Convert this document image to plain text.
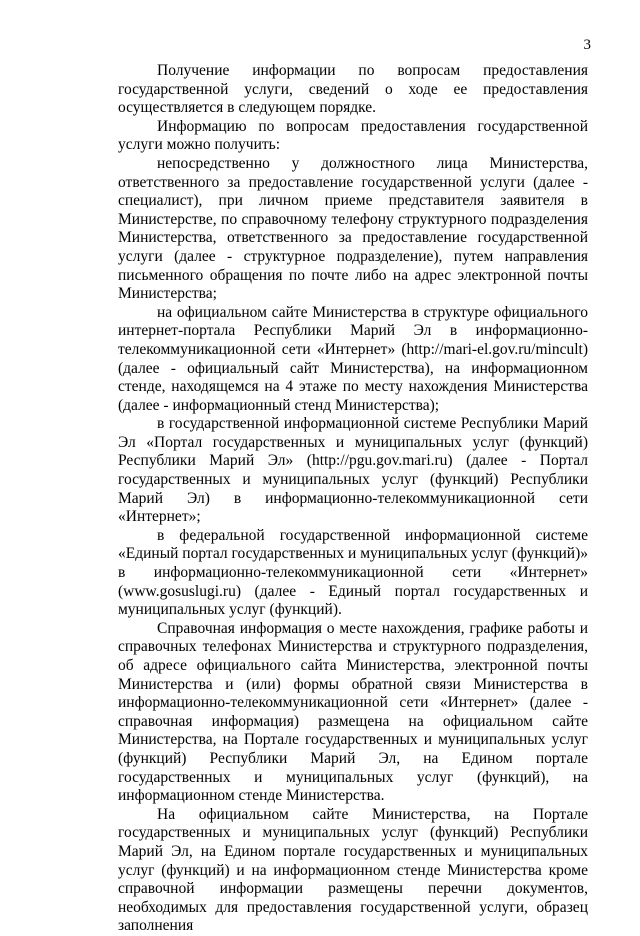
3

Получение информации по вопросам предоставления государственной услуги, сведений о ходе ее предоставления осуществляется в следующем порядке.

Информацию по вопросам предоставления государственной услуги можно получить:

непосредственно у должностного лица Министерства, ответственного за предоставление государственной услуги (далее - специалист), при личном приеме представителя заявителя в Министерстве, по справочному телефону структурного подразделения Министерства, ответственного за предоставление государственной услуги (далее - структурное подразделение), путем направления письменного обращения по почте либо на адрес электронной почты Министерства;

на официальном сайте Министерства в структуре официального интернет-портала Республики Марий Эл в информационно-телекоммуникационной сети «Интернет» (http://mari-el.gov.ru/mincult) (далее - официальный сайт Министерства), на информационном стенде, находящемся на 4 этаже по месту нахождения Министерства (далее - информационный стенд Министерства);

в государственной информационной системе Республики Марий Эл «Портал государственных и муниципальных услуг (функций) Республики Марий Эл» (http://pgu.gov.mari.ru) (далее - Портал государственных и муниципальных услуг (функций) Республики Марий Эл) в информационно-телекоммуникационной сети «Интернет»;

в федеральной государственной информационной системе «Единый портал государственных и муниципальных услуг (функций)» в информационно-телекоммуникационной сети «Интернет» (www.gosuslugi.ru) (далее - Единый портал государственных и муниципальных услуг (функций).

Справочная информация о месте нахождения, графике работы и справочных телефонах Министерства и структурного подразделения, об адресе официального сайта Министерства, электронной почты Министерства и (или) формы обратной связи Министерства в информационно-телекоммуникационной сети «Интернет» (далее - справочная информация) размещена на официальном сайте Министерства, на Портале государственных и муниципальных услуг (функций) Республики Марий Эл, на Едином портале государственных и муниципальных услуг (функций), на информационном стенде Министерства.

На официальном сайте Министерства, на Портале государственных и муниципальных услуг (функций) Республики Марий Эл, на Едином портале государственных и муниципальных услуг (функций) и на информационном стенде Министерства кроме справочной информации размещены перечни документов, необходимых для предоставления государственной услуги, образец заполнения
